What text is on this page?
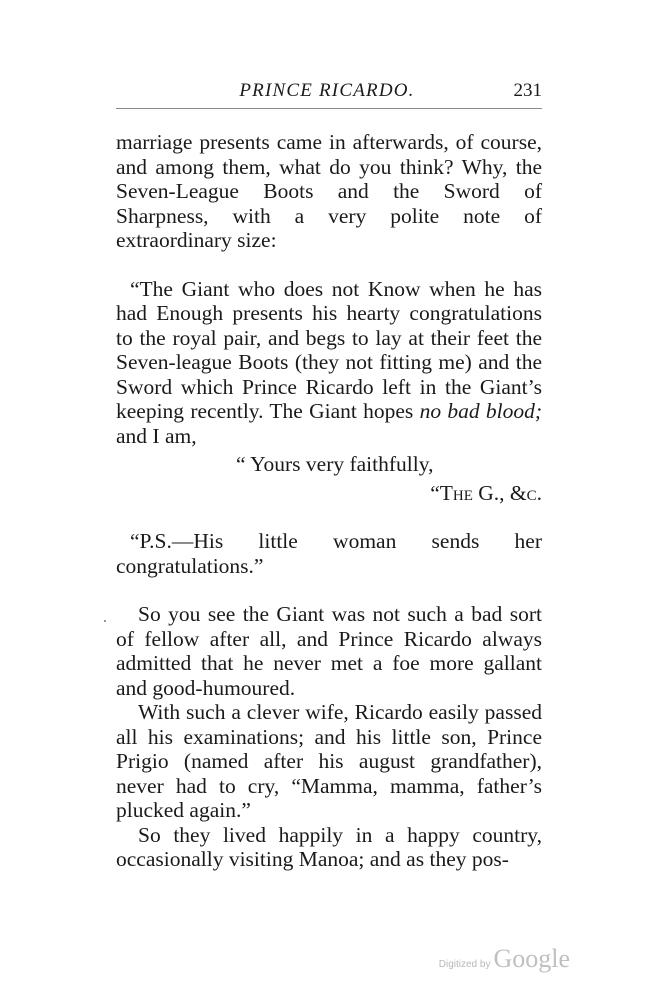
PRINCE RICARDO.	231

marriage presents came in afterwards, of course, and among them, what do you think? Why, the Seven-League Boots and the Sword of Sharpness, with a very polite note of extraordinary size:

“The Giant who does not Know when he has had Enough presents his hearty congratulations to the royal pair, and begs to lay at their feet the Seven-league Boots (they not fitting me) and the Sword which Prince Ricardo left in the Giant’s keeping recently. The Giant hopes no bad blood; and I am,

“ Yours very faithfully,

“The G., &c.

“P.S.—His little woman sends her congratulations.”

So you see the Giant was not such a bad sort of fellow after all, and Prince Ricardo always admitted that he never met a foe more gallant and good-humoured.

With such a clever wife, Ricardo easily passed all his examinations; and his little son, Prince Prigio (named after his august grandfather), never had to cry, “Mamma, mamma, father’s plucked again.”

So they lived happily in a happy country, occasionally visiting Manoa; and as they pos-

Digitized by Google
